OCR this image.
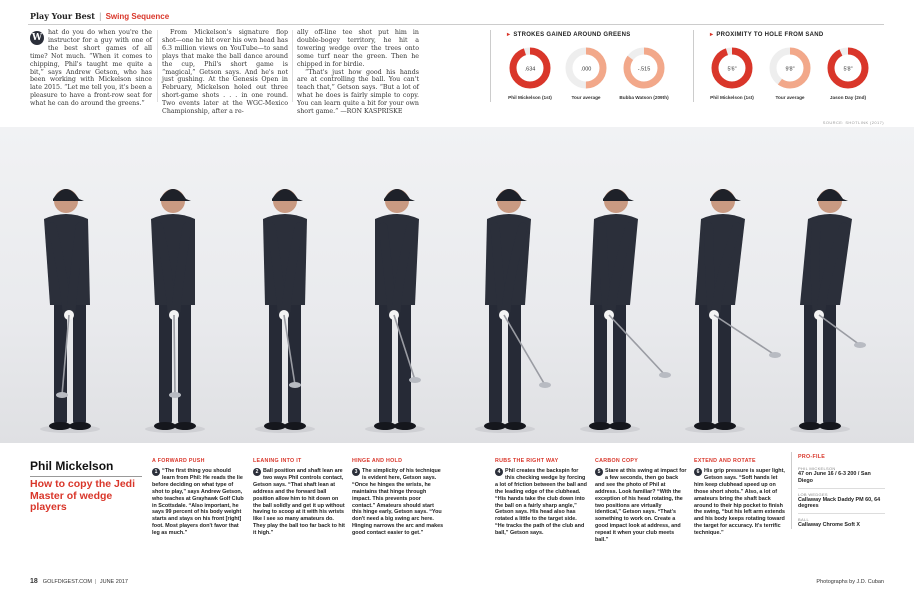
Play Your Best | Swing Sequence
W
hat do you do when you're the instructor for a guy with one of the best short games of all time? Not much. “When it comes to chipping, Phil's taught me quite a bit,” says Andrew Getson, who has been working with Mickelson since late 2015. “Let me tell you, it's been a pleasure to have a front-row seat for what he can do around the greens.”

From Mickelson's signature flop shot—one he hit over his own head has 6.3 million views on YouTube—to sand plays that make the ball dance around the cup, Phil's short game is “magical,” Getson says. And he's not just gushing. At the Genesis Open in February, Mickelson holed out three short-game shots . . . in one round. Two events later at the WGC-Mexico Championship, after a re-

ally off-line tee shot put him in double-bogey territory, he hit a towering wedge over the trees onto some turf near the green. Then he chipped in for birdie.

“That's just how good his hands are at controlling the ball. You can't teach that,” Getson says. “But a lot of what he does is fairly simple to copy. You can learn quite a bit for your own short game.” —RON KASPRISKE

▸ STROKES GAINED AROUND GREENS	▸ PROXIMITY TO HOLE FROM SAND
.634
Phil Mickelson (1st)
.000
Tour average
-.515
Bubba Watson (209th)
5'6"
Phil Mickelson (1st)
9'8"
Tour average
5'8"
Jason Day (2nd)
SOURCE: SHOTLINK (2017)
Phil Mickelson
How to copy the Jedi Master of wedge players
A FORWARD PUSH

1 “The first thing you should learn from Phil: He reads the lie before deciding on what type of shot to play,” says Andrew Getson, who teaches at Grayhawk Golf Club in Scottsdale. “Also important, he says 99 percent of his body weight starts and stays on his front [right] foot. Most players don't favor that leg as much.”

LEANING INTO IT

2 Ball position and shaft lean are two ways Phil controls contact, Getson says. “That shaft lean at address and the forward ball position allow him to hit down on the ball solidly and get it up without having to scoop at it with his wrists like I see so many amateurs do. They play the ball too far back to hit it high.”

HINGE AND HOLD

3 The simplicity of his technique is evident here, Getson says. “Once he hinges the wrists, he maintains that hinge through impact. This prevents poor contact.” Amateurs should start this hinge early, Getson says. “You don't need a big swing arc here. Hinging narrows the arc and makes good contact easier to get.”

RUBS THE RIGHT WAY

4 Phil creates the backspin for this checking wedge by forcing a lot of friction between the ball and the leading edge of the clubhead. “His hands take the club down into the ball on a fairly sharp angle,” Getson says. His head also has rotated a little to the target side. “He tracks the path of the club and ball,” Getson says.

CARBON COPY

5 Stare at this swing at impact for a few seconds, then go back and see the photo of Phil at address. Look familiar? “With the exception of his head rotating, the two positions are virtually identical,” Getson says. “That's something to work on. Create a good impact look at address, and repeat it when your club meets ball.”

EXTEND AND ROTATE

6 His grip pressure is super light, Getson says. “Soft hands let him keep clubhead speed up on those short shots.” Also, a lot of amateurs bring the shaft back around to their hip pocket to finish the swing, “but his left arm extends and his body keeps rotating toward the target for accuracy. It's terrific technique.”

PRO-FILE
PHIL MICKELSON
47 on June 16 / 6-3 200 / San Diego
LOB WEDGES
Callaway Mack Daddy PM 60, 64 degrees
BALL
Callaway Chrome Soft X
18 GOLFDIGEST.COM | JUNE 2017	Photographs by J.D. Cuban
